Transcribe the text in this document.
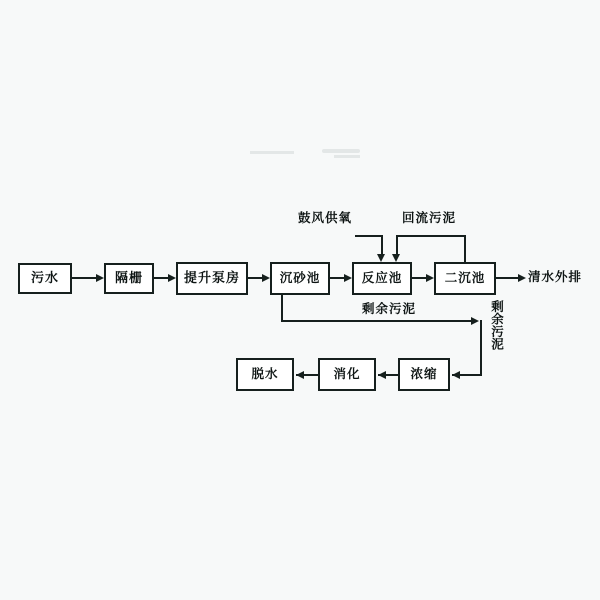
污水	隔栅	提升泵房	沉砂池	反应池	二沉池	清水外排
鼓风供氧	回流污泥
剩余污泥	剩余污泥
浓缩
消化
脱水
